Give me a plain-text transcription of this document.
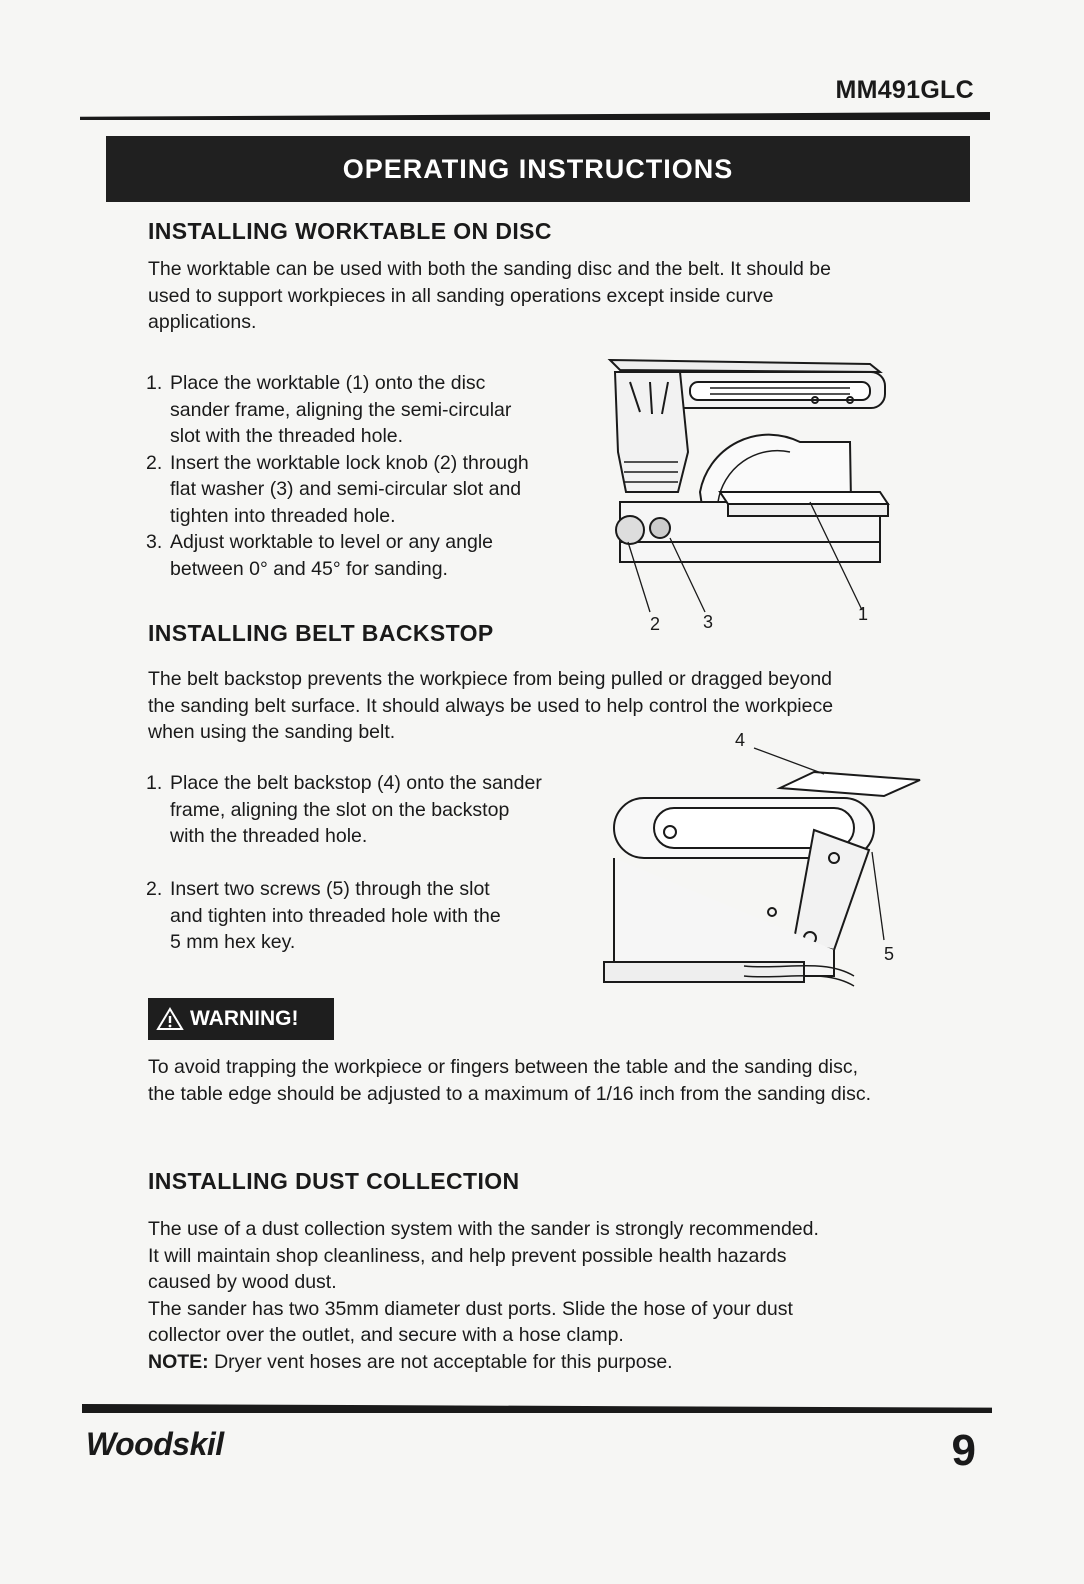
MM491GLC
OPERATING INSTRUCTIONS
INSTALLING WORKTABLE ON DISC

The worktable can be used with both the sanding disc and the belt. It should be
used to support workpieces in all sanding operations except inside curve
applications.

1. Place the worktable (1) onto the disc
sander frame, aligning the semi-circular
slot with the threaded hole.
2. Insert the worktable lock knob (2) through
flat washer (3) and semi-circular slot and
tighten into threaded hole.
3. Adjust worktable to level or any angle
between 0° and 45° for sanding.
2 3	1
INSTALLING BELT BACKSTOP

The belt backstop prevents the workpiece from being pulled or dragged beyond
the sanding belt surface. It should always be used to help control the workpiece
when using the sanding belt.

1. Place the belt backstop (4) onto the sander
frame, aligning the slot on the backstop
with the threaded hole.
2. Insert two screws (5) through the slot
and tighten into threaded hole with the
5 mm hex key.
4
5
WARNING!

To avoid trapping the workpiece or fingers between the table and the sanding disc,
the table edge should be adjusted to a maximum of 1/16 inch from the sanding disc.

INSTALLING DUST COLLECTION

The use of a dust collection system with the sander is strongly recommended.
It will maintain shop cleanliness, and help prevent possible health hazards
caused by wood dust.
The sander has two 35mm diameter dust ports. Slide the hose of your dust
collector over the outlet, and secure with a hose clamp.
NOTE: Dryer vent hoses are not acceptable for this purpose.

Woodskil	9
